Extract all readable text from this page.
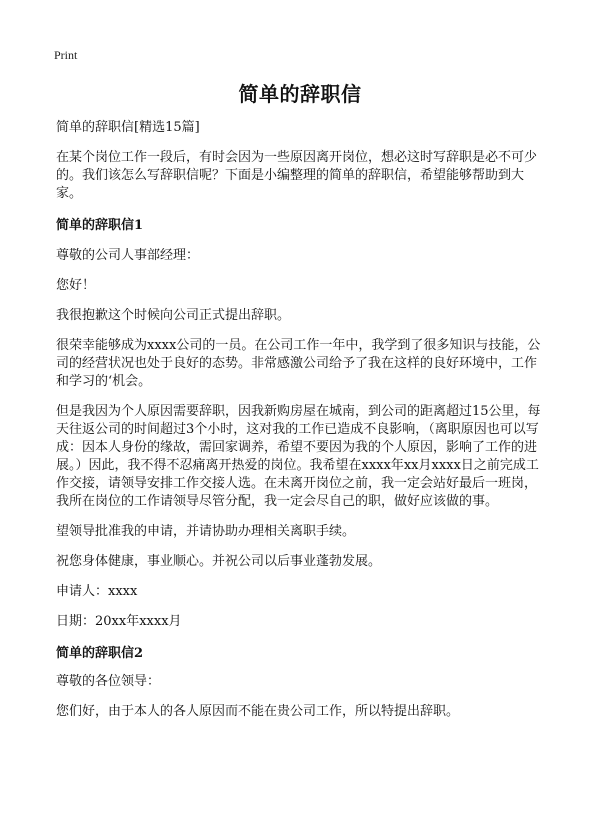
Print
简单的辞职信

简单的辞职信[精选15篇]

在某个岗位工作一段后，有时会因为一些原因离开岗位，想必这时写辞职是必不可少的。我们该怎么写辞职信呢？下面是小编整理的简单的辞职信，希望能够帮助到大家。

简单的辞职信1

尊敬的公司人事部经理：

您好！

我很抱歉这个时候向公司正式提出辞职。

很荣幸能够成为xxxx公司的一员。在公司工作一年中，我学到了很多知识与技能，公司的经营状况也处于良好的态势。非常感激公司给予了我在这样的良好环境中，工作和学习的‘机会。

但是我因为个人原因需要辞职，因我新购房屋在城南，到公司的距离超过15公里，每天往返公司的时间超过3个小时，这对我的工作已造成不良影响，（离职原因也可以写成：因本人身份的缘故，需回家调养，希望不要因为我的个人原因，影响了工作的进展。）因此，我不得不忍痛离开热爱的岗位。我希望在xxxx年xx月xxxx日之前完成工作交接，请领导安排工作交接人选。在未离开岗位之前，我一定会站好最后一班岗，我所在岗位的工作请领导尽管分配，我一定会尽自己的职，做好应该做的事。

望领导批准我的申请，并请协助办理相关离职手续。

祝您身体健康，事业顺心。并祝公司以后事业蓬勃发展。

申请人：xxxx

日期：20xx年xxxx月

简单的辞职信2

尊敬的各位领导：

您们好，由于本人的各人原因而不能在贵公司工作，所以特提出辞职。
